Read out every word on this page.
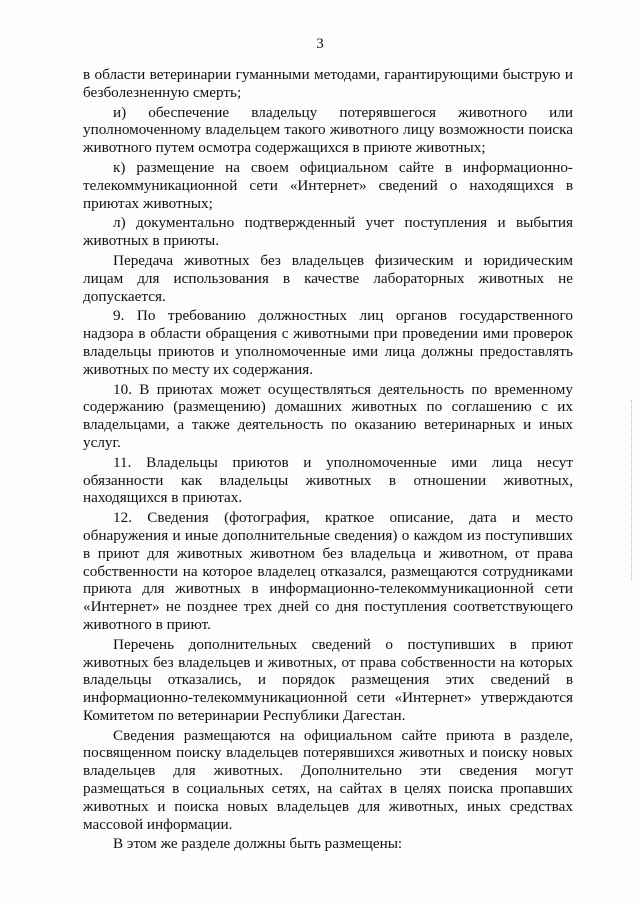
3

в области ветеринарии гуманными методами, гарантирующими быструю и безболезненную смерть;

и) обеспечение владельцу потерявшегося животного или уполномоченному владельцем такого животного лицу возможности поиска животного путем осмотра содержащихся в приюте животных;

к) размещение на своем официальном сайте в информационно-телекоммуникационной сети «Интернет» сведений о находящихся в приютах животных;

л) документально подтвержденный учет поступления и выбытия животных в приюты.

Передача животных без владельцев физическим и юридическим лицам для использования в качестве лабораторных животных не допускается.

9. По требованию должностных лиц органов государственного надзора в области обращения с животными при проведении ими проверок владельцы приютов и уполномоченные ими лица должны предоставлять животных по месту их содержания.

10. В приютах может осуществляться деятельность по временному содержанию (размещению) домашних животных по соглашению с их владельцами, а также деятельность по оказанию ветеринарных и иных услуг.

11. Владельцы приютов и уполномоченные ими лица несут обязанности как владельцы животных в отношении животных, находящихся в приютах.

12. Сведения (фотография, краткое описание, дата и место обнаружения и иные дополнительные сведения) о каждом из поступивших в приют для животных животном без владельца и животном, от права собственности на которое владелец отказался, размещаются сотрудниками приюта для животных в информационно-телекоммуникационной сети «Интернет» не позднее трех дней со дня поступления соответствующего животного в приют.

Перечень дополнительных сведений о поступивших в приют животных без владельцев и животных, от права собственности на которых владельцы отказались, и порядок размещения этих сведений в информационно-телекоммуникационной сети «Интернет» утверждаются Комитетом по ветеринарии Республики Дагестан.

Сведения размещаются на официальном сайте приюта в разделе, посвященном поиску владельцев потерявшихся животных и поиску новых владельцев для животных. Дополнительно эти сведения могут размещаться в социальных сетях, на сайтах в целях поиска пропавших животных и поиска новых владельцев для животных, иных средствах массовой информации.

В этом же разделе должны быть размещены:
